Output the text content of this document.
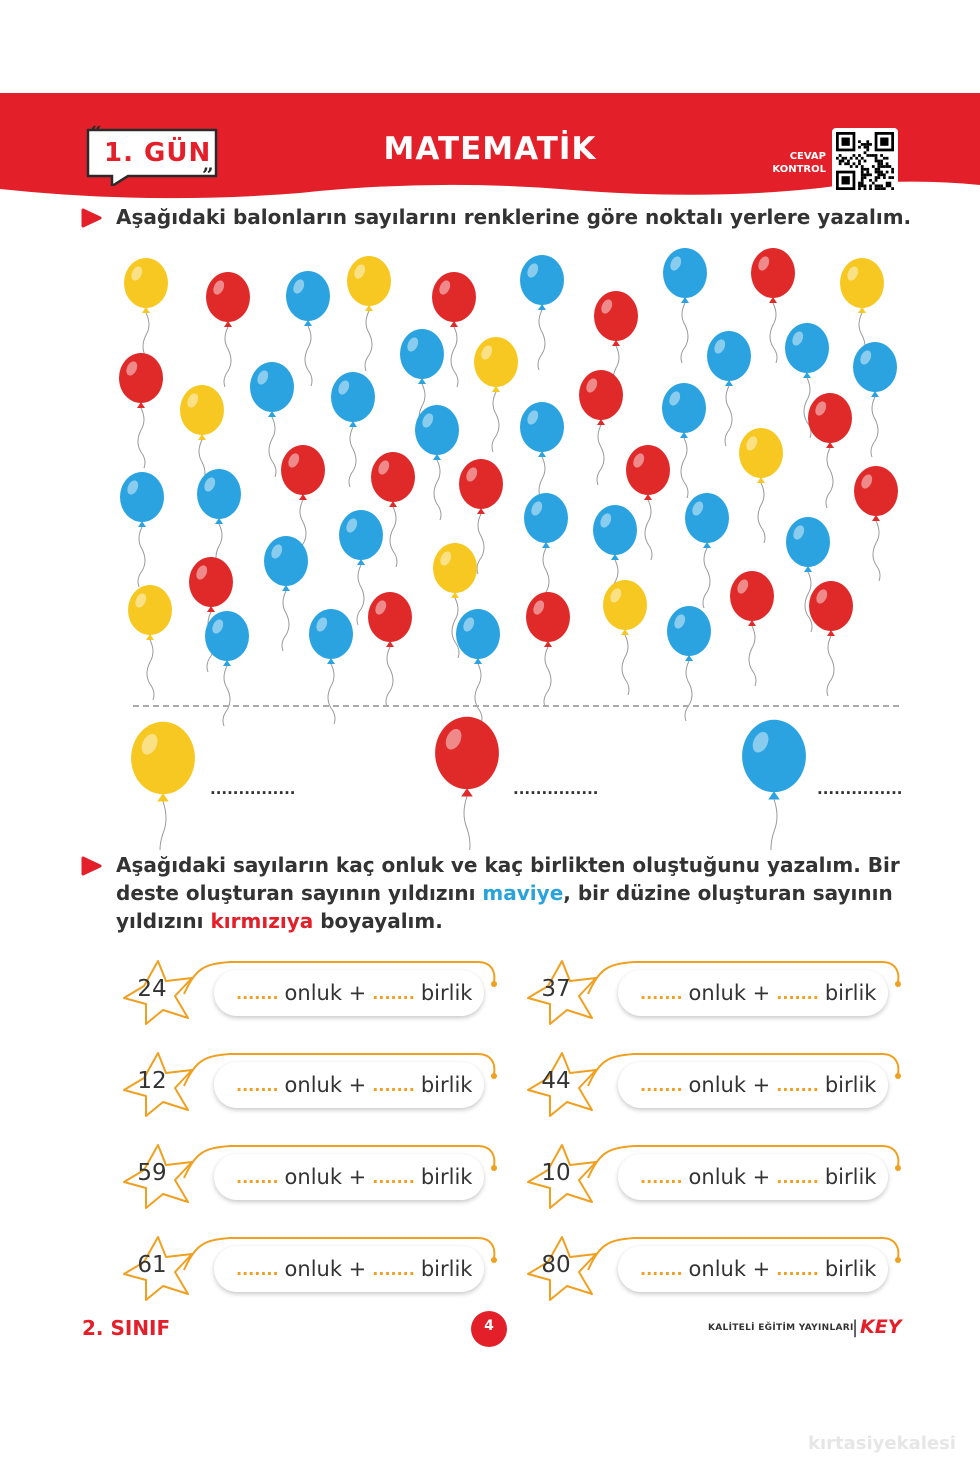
“
”
1. GÜN	MATEMATİK	CEVAP
KONTROL
Aşağıdaki balonların sayılarını renklerine göre noktalı yerlere yazalım.
...............	...............	...............
Aşağıdaki sayıların kaç onluk ve kaç birlikten oluştuğunu yazalım. Bir deste oluşturan sayının yıldızını maviye, bir düzine oluşturan sayının yıldızını kırmızıya boyayalım.
24	....... onluk + ....... birlik
12	....... onluk + ....... birlik
59	....... onluk + ....... birlik
61	....... onluk + ....... birlik
37	....... onluk + ....... birlik
44	....... onluk + ....... birlik
10	....... onluk + ....... birlik
80	....... onluk + ....... birlik
2. SINIF	4	KALİTELİ EĞİTİM YAYINLARI
| KEY
kırtasiyekalesi
